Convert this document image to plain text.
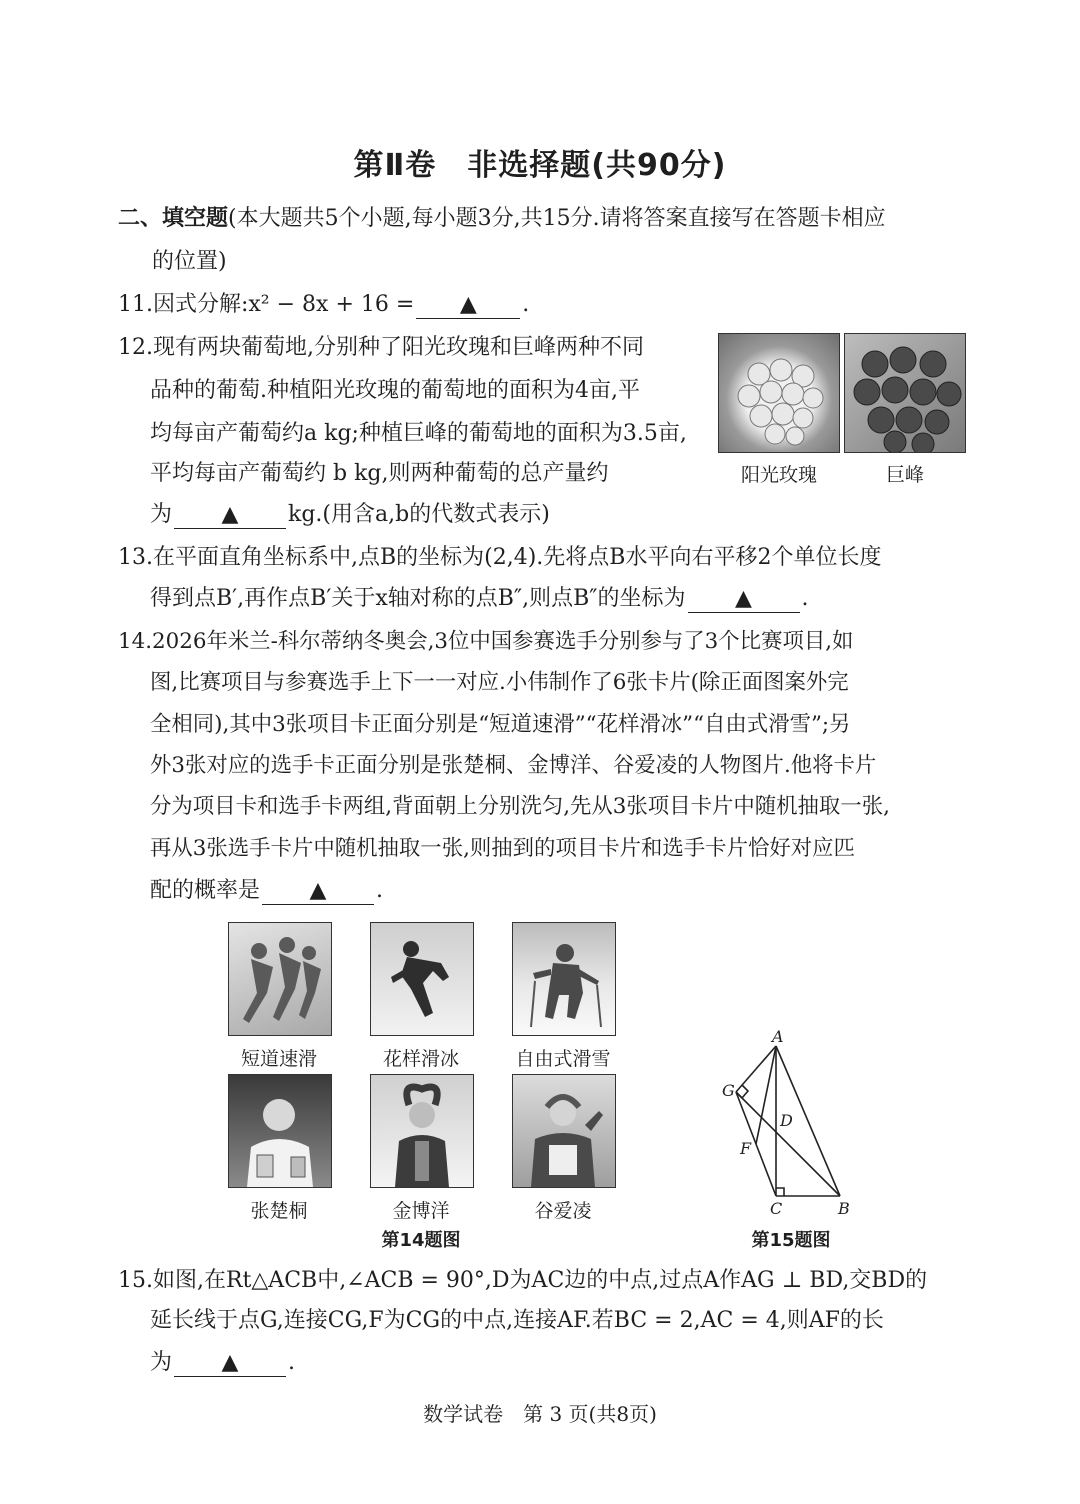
第Ⅱ卷　非选择题(共90分)
二、填空题(本大题共5个小题,每小题3分,共15分.请将答案直接写在答题卡相应
的位置)
11.因式分解:x² − 8x + 16 = ▲ .
12.现有两块葡萄地,分别种了阳光玫瑰和巨峰两种不同
品种的葡萄.种植阳光玫瑰的葡萄地的面积为4亩,平
均每亩产葡萄约a kg;种植巨峰的葡萄地的面积为3.5亩,
平均每亩产葡萄约 b kg,则两种葡萄的总产量约
为 ▲ kg.(用含a,b的代数式表示)
阳光玫瑰	巨峰
13.在平面直角坐标系中,点B的坐标为(2,4).先将点B水平向右平移2个单位长度
得到点B′,再作点B′关于x轴对称的点B″,则点B″的坐标为 ▲ .
14.2026年米兰-科尔蒂纳冬奥会,3位中国参赛选手分别参与了3个比赛项目,如
图,比赛项目与参赛选手上下一一对应.小伟制作了6张卡片(除正面图案外完
全相同),其中3张项目卡正面分别是“短道速滑”“花样滑冰”“自由式滑雪”;另
外3张对应的选手卡正面分别是张楚桐、金博洋、谷爱凌的人物图片.他将卡片
分为项目卡和选手卡两组,背面朝上分别洗匀,先从3张项目卡片中随机抽取一张,
再从3张选手卡片中随机抽取一张,则抽到的项目卡片和选手卡片恰好对应匹
配的概率是 ▲ .
短道速滑	花样滑冰	自由式滑雪
张楚桐	金博洋	谷爱凌
第14题图
A
G
D
F
C	B
第15题图
15.如图,在Rt△ACB中,∠ACB = 90°,D为AC边的中点,过点A作AG ⊥ BD,交BD的
延长线于点G,连接CG,F为CG的中点,连接AF.若BC = 2,AC = 4,则AF的长
为 ▲ .
数学试卷　第 3 页(共8页)
